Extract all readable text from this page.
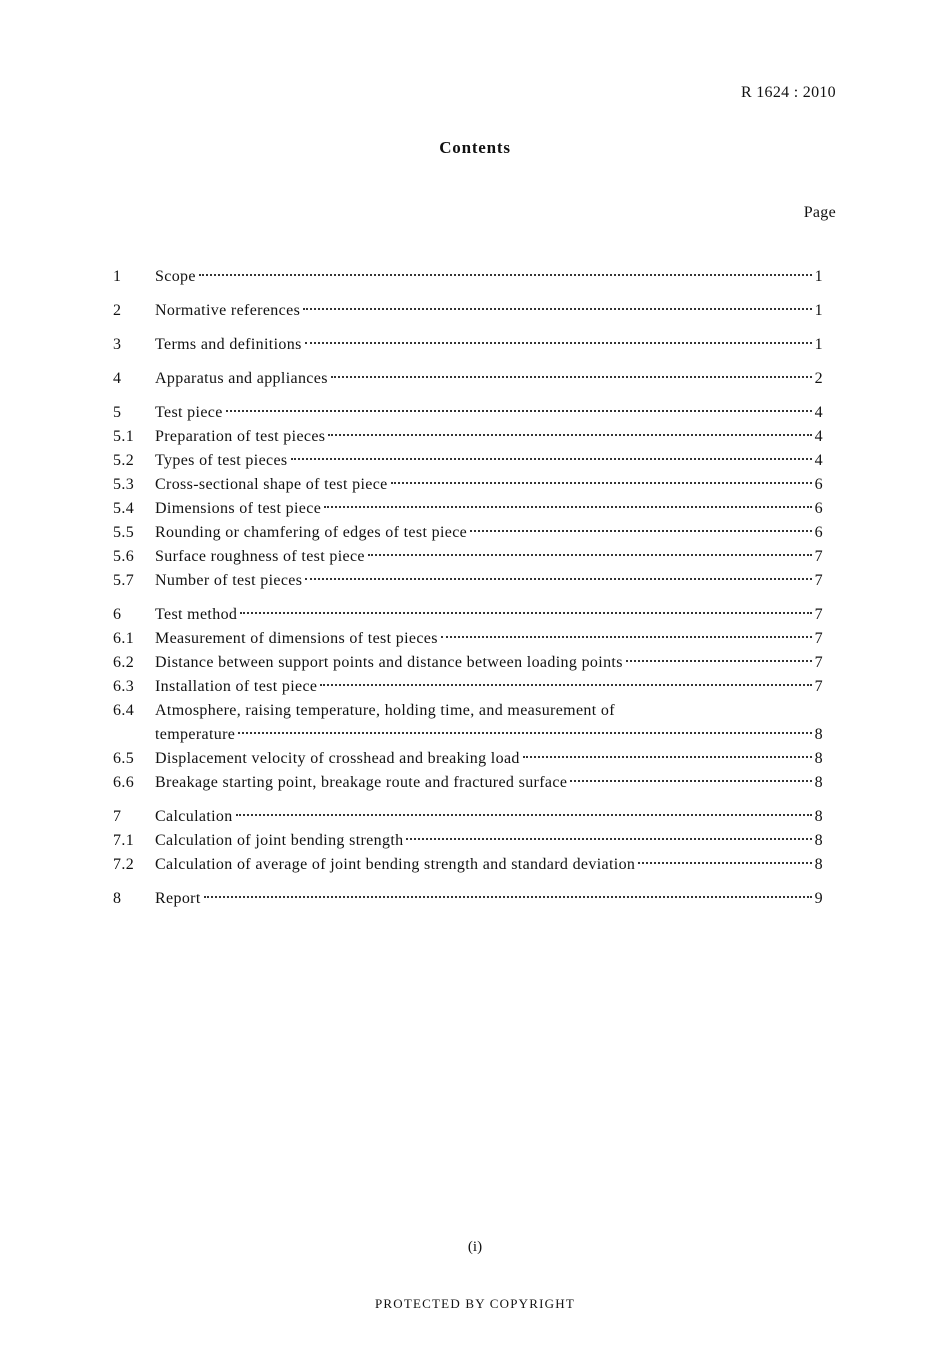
R 1624 : 2010
Contents
Page
1	Scope	1
2	Normative references	1
3	Terms and definitions	1
4	Apparatus and appliances	2
5	Test piece	4
5.1	Preparation of test pieces	4
5.2	Types of test pieces	4
5.3	Cross-sectional shape of test piece	6
5.4	Dimensions of test piece	6
5.5	Rounding or chamfering of edges of test piece	6
5.6	Surface roughness of test piece	7
5.7	Number of test pieces	7
6	Test method	7
6.1	Measurement of dimensions of test pieces	7
6.2	Distance between support points and distance between loading points	7
6.3	Installation of test piece	7
6.4	Atmosphere, raising temperature, holding time, and measurement of
temperature	8
6.5	Displacement velocity of crosshead and breaking load	8
6.6	Breakage starting point, breakage route and fractured surface	8
7	Calculation	8
7.1	Calculation of joint bending strength	8
7.2	Calculation of average of joint bending strength and standard deviation	8
8	Report	9
(i)
PROTECTED BY COPYRIGHT
